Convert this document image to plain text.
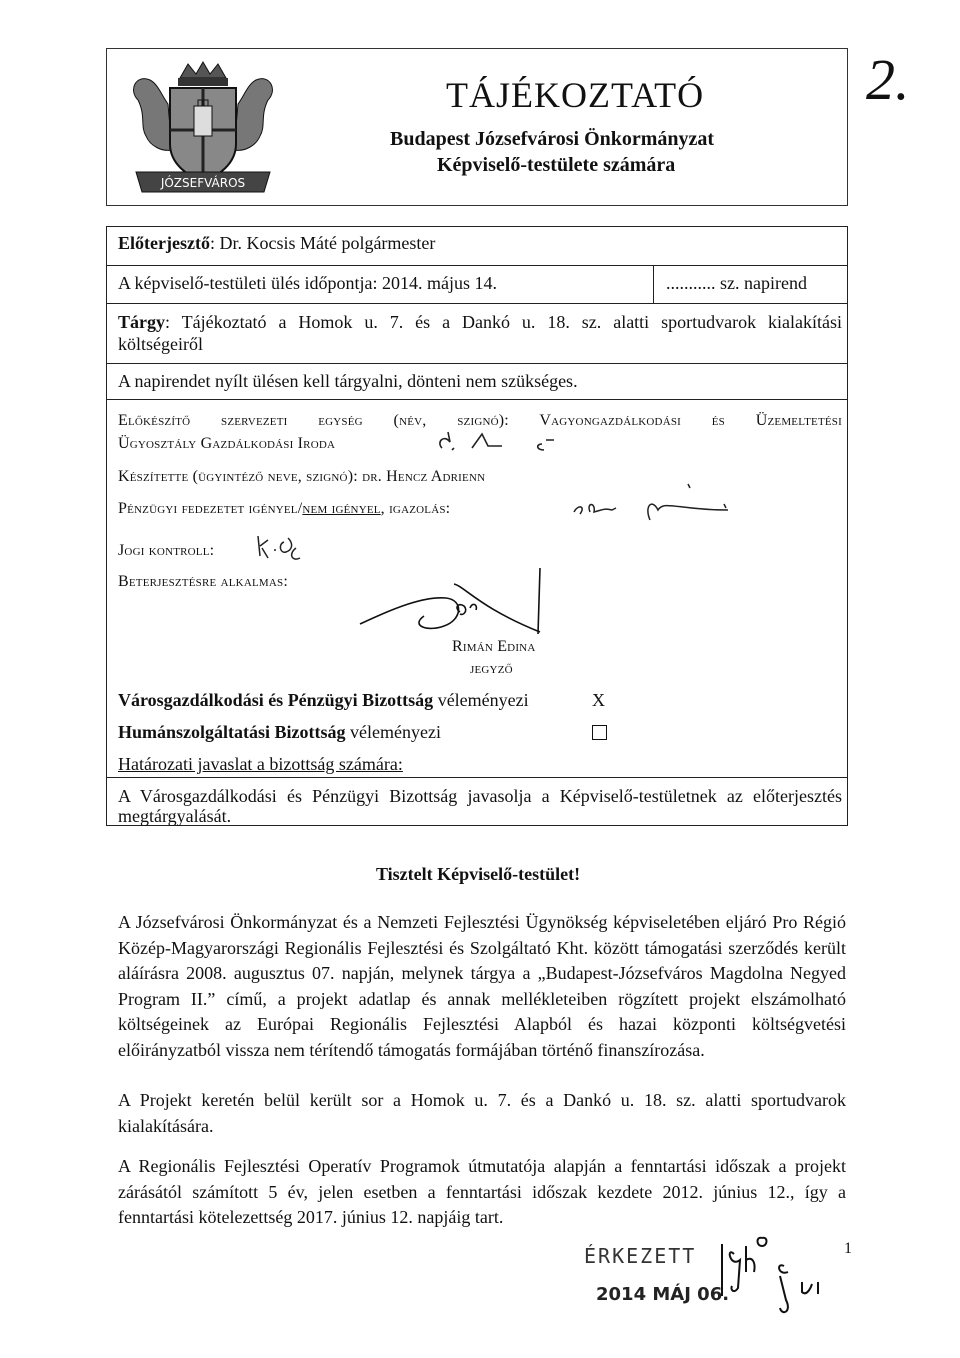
JÓZSEFVÁROS
TÁJÉKOZTATÓ
Budapest Józsefvárosi Önkormányzat
Képviselő-testülete számára
2.
Előterjesztő: Dr. Kocsis Máté polgármester
A képviselő-testületi ülés időpontja: 2014. május 14.	........... sz. napirend
Tárgy: Tájékoztató a Homok u. 7. és a Dankó u. 18. sz. alatti sportudvarok kialakítási
költségeiről
A napirendet nyílt ülésen kell tárgyalni, dönteni nem szükséges.
Előkészítő szervezeti egység (név, szignó): Vagyongazdálkodási és Üzemeltetési
Ügyosztály Gazdálkodási Iroda
Készítette (ügyintéző neve, szignó): dr. Hencz Adrienn
Pénzügyi fedezetet igényel/nem igényel, igazolás:
Jogi kontroll:
Beterjesztésre alkalmas:
Rimán Edina
jegyző
Városgazdálkodási és Pénzügyi Bizottság véleményezi	X
Humánszolgáltatási Bizottság véleményezi
Határozati javaslat a bizottság számára:
A Városgazdálkodási és Pénzügyi Bizottság javasolja a Képviselő-testületnek az előterjesztés
megtárgyalását.
Tisztelt Képviselő-testület!
A Józsefvárosi Önkormányzat és a Nemzeti Fejlesztési Ügynökség képviseletében eljáró Pro Régió Közép-Magyarországi Regionális Fejlesztési és Szolgáltató Kht. között támogatási szerződés került aláírásra 2008. augusztus 07. napján, melynek tárgya a „Budapest-Józsefváros Magdolna Negyed Program II.” című, a projekt adatlap és annak mellékleteiben rögzített projekt elszámolható költségeinek az Európai Regionális Fejlesztési Alapból és hazai központi költségvetési előirányzatból vissza nem térítendő támogatás formájában történő finanszírozása.
A Projekt keretén belül került sor a Homok u. 7. és a Dankó u. 18. sz. alatti sportudvarok kialakítására.
A Regionális Fejlesztési Operatív Programok útmutatója alapján a fenntartási időszak a projekt zárásától számított 5 év, jelen esetben a fenntartási időszak kezdete 2012. június 12., így a fenntartási kötelezettség 2017. június 12. napjáig tart.
ÉRKEZETT
2014 MÁJ 06.
1
